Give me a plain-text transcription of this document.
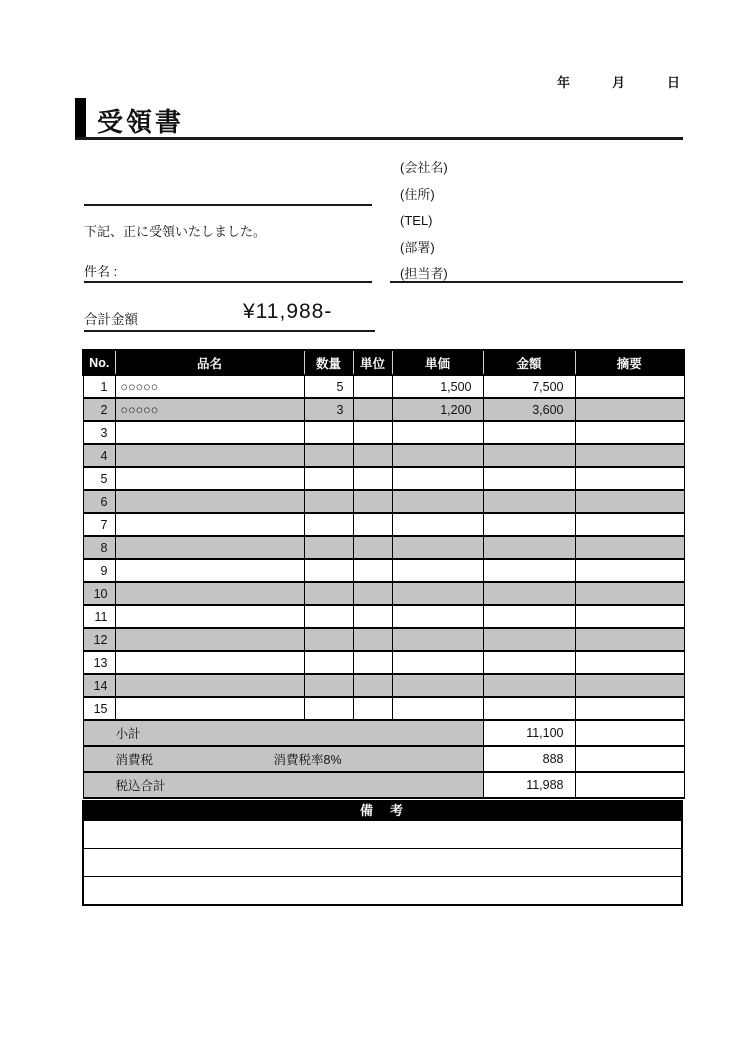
年	月	日
受領書
下記、正に受領いたしました。
件名 :
(会社名)
(住所)
(TEL)
(部署)
(担当者)
合計金額	¥11,988-
No.	品名	数量	単位	単価	金額	摘要
1	○○○○○	5		1,500	7,500	
2	○○○○○	3		1,200	3,600	
3						
4						
5						
6						
7						
8						
9						
10						
11						
12						
13						
14						
15						

小計					11,100	

消費税 消費税率8%					888	

税込合計					11,988	
備　考
